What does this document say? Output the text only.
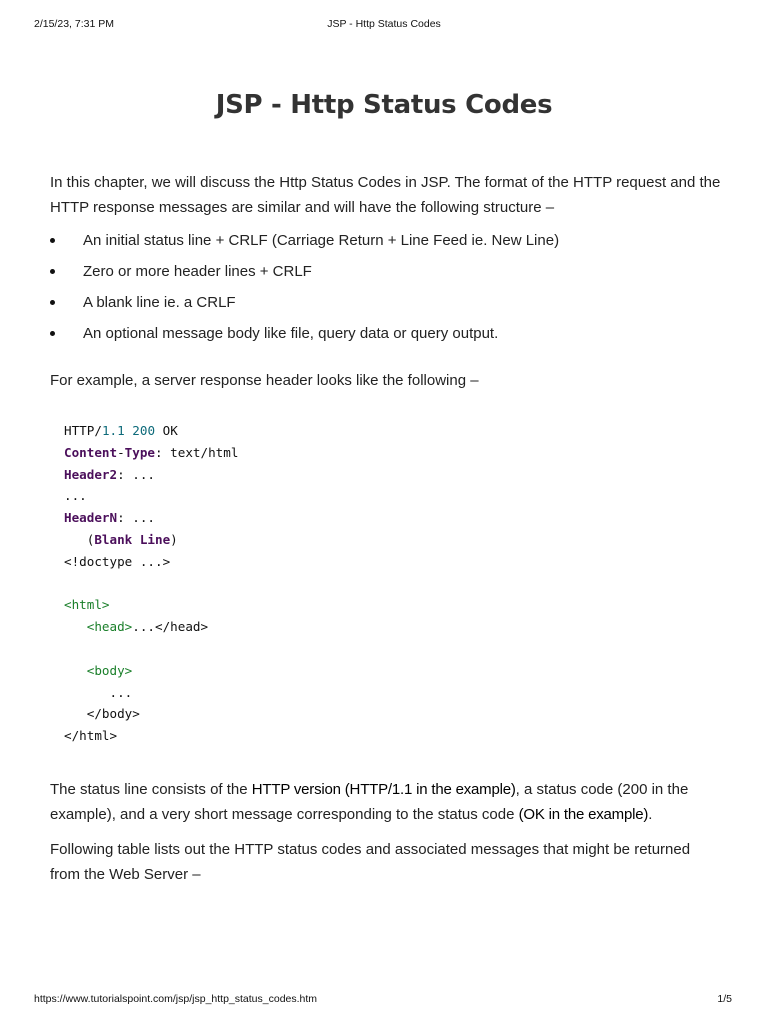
2/15/23, 7:31 PM	JSP - Http Status Codes
JSP - Http Status Codes

In this chapter, we will discuss the Http Status Codes in JSP. The format of the HTTP request and the HTTP response messages are similar and will have the following structure –

An initial status line + CRLF (Carriage Return + Line Feed ie. New Line)
Zero or more header lines + CRLF
A blank line ie. a CRLF
An optional message body like file, query data or query output.

For example, a server response header looks like the following –

HTTP/1.1 200 OK
Content-Type: text/html
Header2: ...
...
HeaderN: ...
(Blank Line)
<!doctype ...>

<html>
<head>...</head>

<body>
...
</body>
</html>

The status line consists of the HTTP version (HTTP/1.1 in the example), a status code (200 in the example), and a very short message corresponding to the status code (OK in the example).

Following table lists out the HTTP status codes and associated messages that might be returned from the Web Server –

https://www.tutorialspoint.com/jsp/jsp_http_status_codes.htm	1/5
